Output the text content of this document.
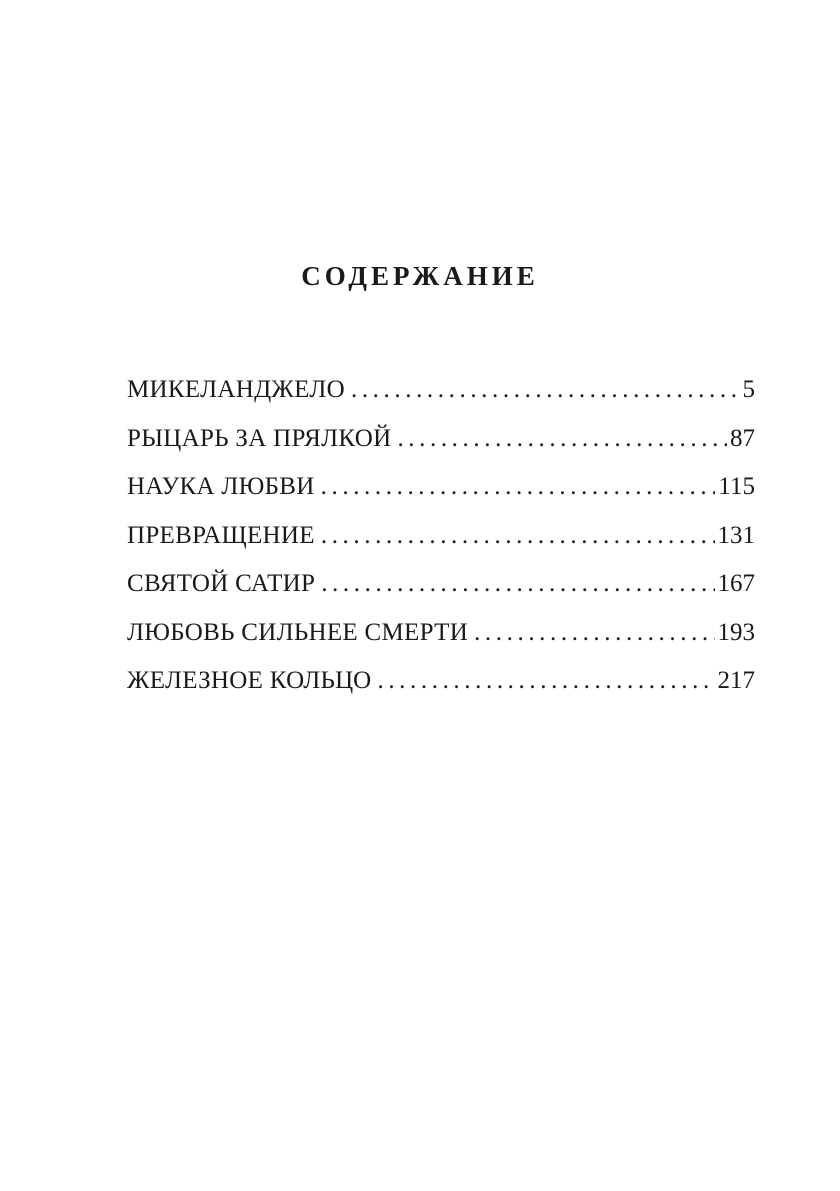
СОДЕРЖАНИЕ
МИКЕЛАНДЖЕЛО .....	5
РЫЦАРЬ ЗА ПРЯЛКОЙ .....	87
НАУКА ЛЮБВИ .....	115
ПРЕВРАЩЕНИЕ .....	131
СВЯТОЙ САТИР .....	167
ЛЮБОВЬ СИЛЬНЕЕ СМЕРТИ .....	193
ЖЕЛЕЗНОЕ КОЛЬЦО .....	217
